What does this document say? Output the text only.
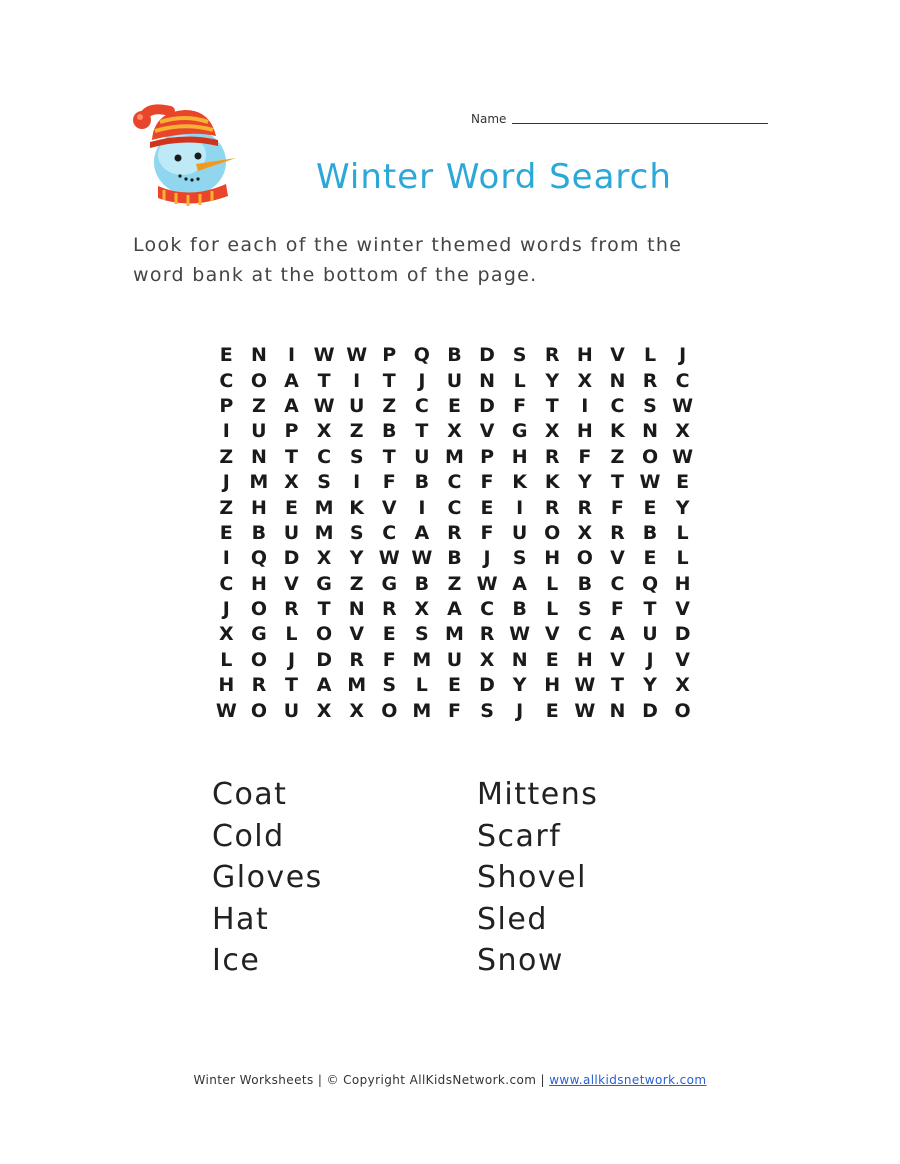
Name
Winter Word Search
Look for each of the winter themed words from the word bank at the bottom of the page.
E N	I W W P Q B D S R H V	L	J
C O A T	I	T	J	U N L	Y X N R C
P Z A W U Z C	E D F	T	I	C S W
I	U P X Z B T X V G X H K N X
Z N T	C S	T U M P H R F	Z O W
J	M X S	I	F B C	F K K Y	T W E
Z H E M K V	I	C	E	I	R R F	E	Y
E B U M S C A R F U O X R B	L
I	Q D X Y W W B	J	S H O V E	L
C H V G Z G B Z W A	L	B C Q H
J	O R T N R X A C B	L	S	F	T V
X G L O V E	S M R W V C A U D
L O	J	D R F M U X N E H V	J	V
H R T A M S	L	E D Y H W T	Y X
W O U X X O M F	S	J	E W N D O
Coat	Mittens
Cold	Scarf
Gloves	Shovel
Hat	Sled
Ice	Snow
Winter Worksheets | © Copyright AllKidsNetwork.com | www.allkidsnetwork.com
